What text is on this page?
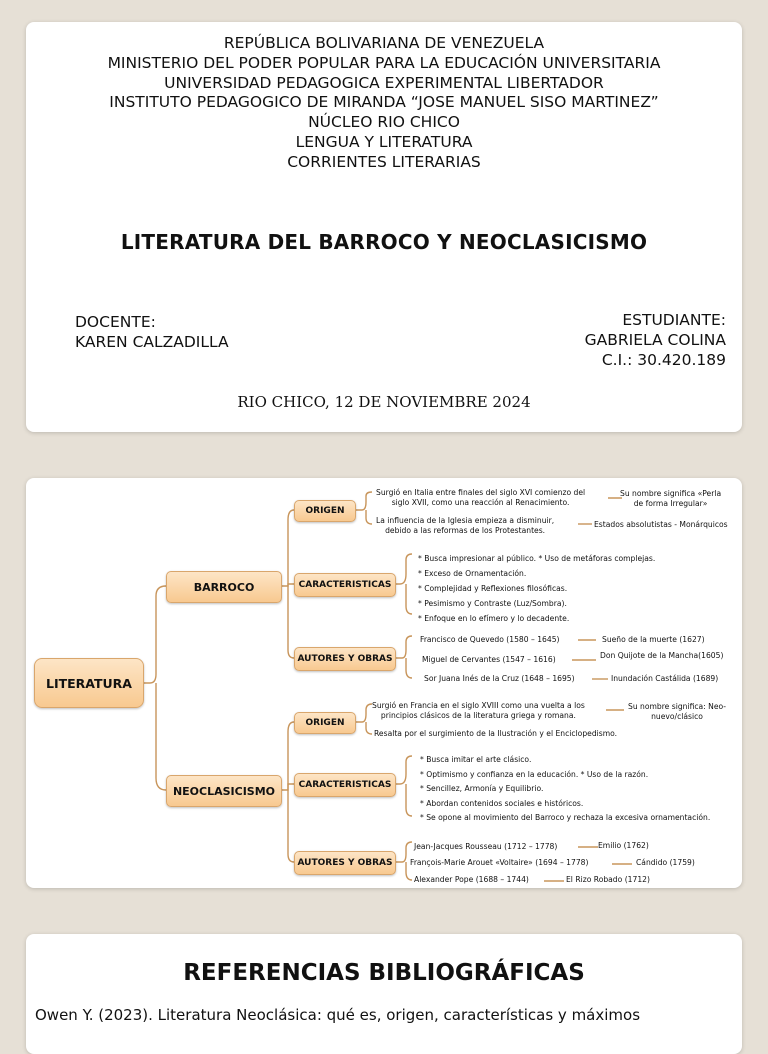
REPÚBLICA BOLIVARIANA DE VENEZUELA
MINISTERIO DEL PODER POPULAR PARA LA EDUCACIÓN UNIVERSITARIA
UNIVERSIDAD PEDAGOGICA EXPERIMENTAL LIBERTADOR
INSTITUTO PEDAGOGICO DE MIRANDA “JOSE MANUEL SISO MARTINEZ”
NÚCLEO RIO CHICO
LENGUA Y LITERATURA
CORRIENTES LITERARIAS
LITERATURA DEL BARROCO Y NEOCLASICISMO
DOCENTE:
KAREN CALZADILLA
ESTUDIANTE:
GABRIELA COLINA
C.I.: 30.420.189
RIO CHICO, 12 DE NOVIEMBRE 2024
LITERATURA
BARROCO
NEOCLASICISMO
ORIGEN
CARACTERISTICAS
AUTORES Y OBRAS
ORIGEN
CARACTERISTICAS
AUTORES Y OBRAS
Surgió en Italia entre finales del siglo XVI comienzo del
siglo XVII, como una reacción al Renacimiento.
Su nombre significa «Perla
de forma Irregular»
La influencia de la Iglesia empieza a disminuir,
debido a las reformas de los Protestantes.
Estados absolutistas - Monárquicos
* Busca impresionar al público. * Uso de metáforas complejas.
* Exceso de Ornamentación.
* Complejidad y Reflexiones filosóficas.
* Pesimismo y Contraste (Luz/Sombra).
* Enfoque en lo efímero y lo decadente.
Francisco de Quevedo (1580 – 1645)	Sueño de la muerte (1627)
Miguel de Cervantes (1547 – 1616)	Don Quijote de la Mancha(1605)
Sor Juana Inés de la Cruz (1648 – 1695)	Inundación Castálida (1689)
Surgió en Francia en el siglo XVIII como una vuelta a los
principios clásicos de la literatura griega y romana.
Su nombre significa: Neo-
nuevo/clásico
Resalta por el surgimiento de la Ilustración y el Enciclopedismo.
* Busca imitar el arte clásico.
* Optimismo y confianza en la educación. * Uso de la razón.
* Sencillez, Armonía y Equilibrio.
* Abordan contenidos sociales e históricos.
* Se opone al movimiento del Barroco y rechaza la excesiva ornamentación.
Jean-Jacques Rousseau (1712 – 1778)	Emilio (1762)
François-Marie Arouet «Voltaire» (1694 – 1778)	Cándido (1759)
Alexander Pope (1688 – 1744)	El Rizo Robado (1712)
REFERENCIAS BIBLIOGRÁFICAS
Owen Y. (2023). Literatura Neoclásica: qué es, origen, características y máximos
